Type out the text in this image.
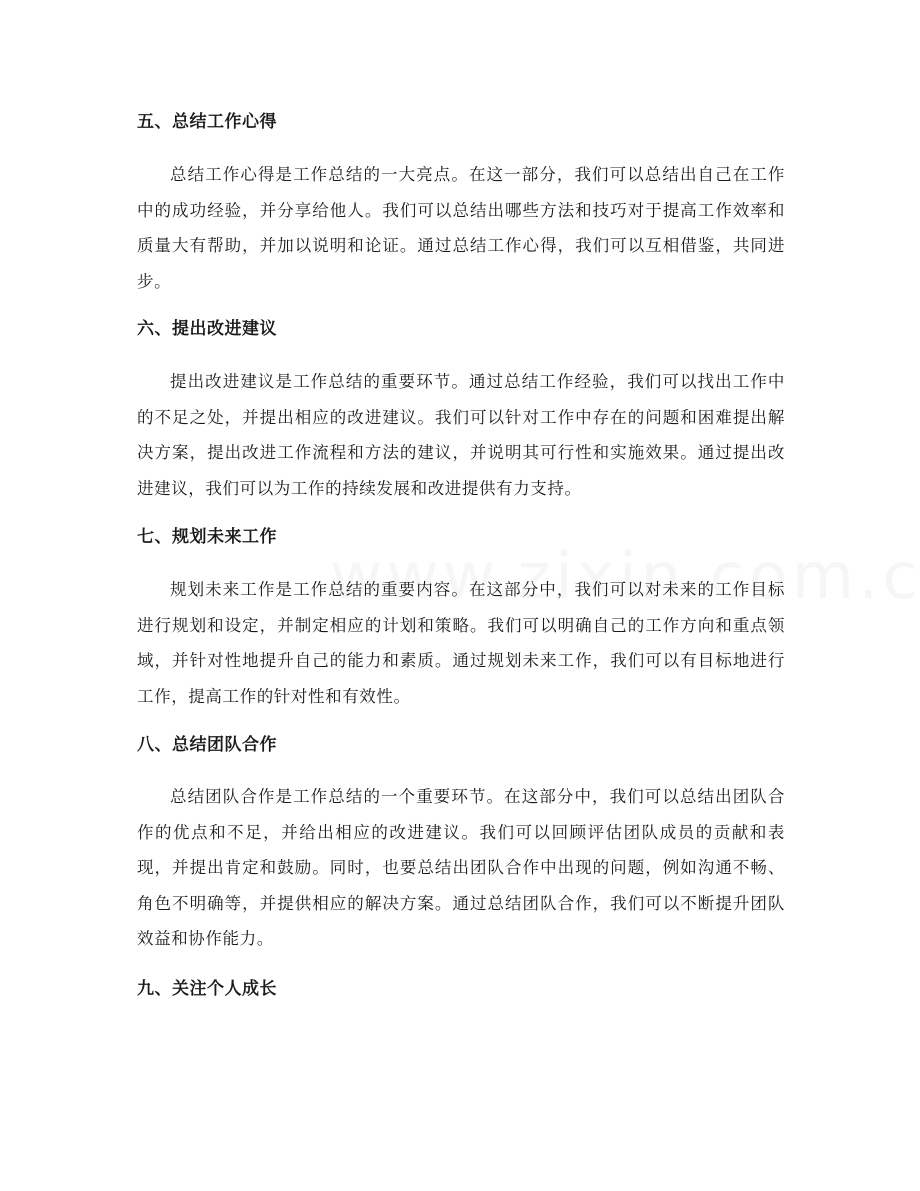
五、总结工作心得

总结工作心得是工作总结的一大亮点。在这一部分，我们可以总结出自己在工作中的成功经验，并分享给他人。我们可以总结出哪些方法和技巧对于提高工作效率和质量大有帮助，并加以说明和论证。通过总结工作心得，我们可以互相借鉴，共同进步。

六、提出改进建议

提出改进建议是工作总结的重要环节。通过总结工作经验，我们可以找出工作中的不足之处，并提出相应的改进建议。我们可以针对工作中存在的问题和困难提出解决方案，提出改进工作流程和方法的建议，并说明其可行性和实施效果。通过提出改进建议，我们可以为工作的持续发展和改进提供有力支持。

七、规划未来工作

规划未来工作是工作总结的重要内容。在这部分中，我们可以对未来的工作目标进行规划和设定，并制定相应的计划和策略。我们可以明确自己的工作方向和重点领域，并针对性地提升自己的能力和素质。通过规划未来工作，我们可以有目标地进行工作，提高工作的针对性和有效性。

八、总结团队合作

总结团队合作是工作总结的一个重要环节。在这部分中，我们可以总结出团队合作的优点和不足，并给出相应的改进建议。我们可以回顾评估团队成员的贡献和表现，并提出肯定和鼓励。同时，也要总结出团队合作中出现的问题，例如沟通不畅、角色不明确等，并提供相应的解决方案。通过总结团队合作，我们可以不断提升团队效益和协作能力。

九、关注个人成长
